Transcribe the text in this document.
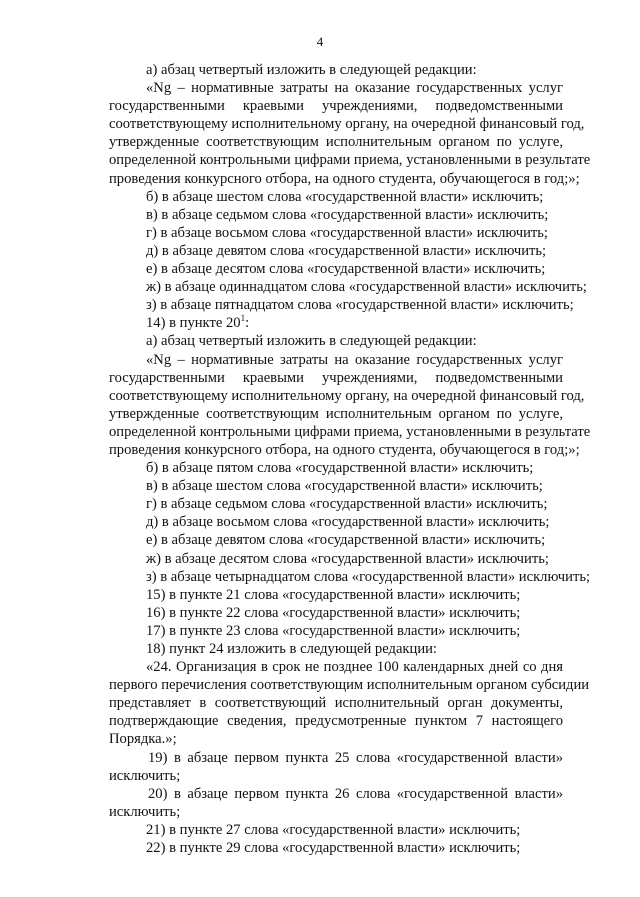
4
а) абзац четвертый изложить в следующей редакции:
«Ng – нормативные затраты на оказание государственных услуг
государственными краевыми учреждениями, подведомственными
соответствующему исполнительному органу, на очередной финансовый год,
утвержденные соответствующим исполнительным органом по услуге,
определенной контрольными цифрами приема, установленными в результате
проведения конкурсного отбора, на одного студента, обучающегося в год;»;
б) в абзаце шестом слова «государственной власти» исключить;
в) в абзаце седьмом слова «государственной власти» исключить;
г) в абзаце восьмом слова «государственной власти» исключить;
д) в абзаце девятом слова «государственной власти» исключить;
е) в абзаце десятом слова «государственной власти» исключить;
ж) в абзаце одиннадцатом слова «государственной власти» исключить;
з) в абзаце пятнадцатом слова «государственной власти» исключить;
14) в пункте $20^1$:
а) абзац четвертый изложить в следующей редакции:
«Ng – нормативные затраты на оказание государственных услуг
государственными краевыми учреждениями, подведомственными
соответствующему исполнительному органу, на очередной финансовый год,
утвержденные соответствующим исполнительным органом по услуге,
определенной контрольными цифрами приема, установленными в результате
проведения конкурсного отбора, на одного студента, обучающегося в год;»;
б) в абзаце пятом слова «государственной власти» исключить;
в) в абзаце шестом слова «государственной власти» исключить;
г) в абзаце седьмом слова «государственной власти» исключить;
д) в абзаце восьмом слова «государственной власти» исключить;
е) в абзаце девятом слова «государственной власти» исключить;
ж) в абзаце десятом слова «государственной власти» исключить;
з) в абзаце четырнадцатом слова «государственной власти» исключить;
15) в пункте 21 слова «государственной власти» исключить;
16) в пункте 22 слова «государственной власти» исключить;
17) в пункте 23 слова «государственной власти» исключить;
18) пункт 24 изложить в следующей редакции:
«24. Организация в срок не позднее 100 календарных дней со дня
первого перечисления соответствующим исполнительным органом субсидии
представляет в соответствующий исполнительный орган документы,
подтверждающие сведения, предусмотренные пунктом 7 настоящего
Порядка.»;
19) в абзаце первом пункта 25 слова «государственной власти»
исключить;
20) в абзаце первом пункта 26 слова «государственной власти»
исключить;
21) в пункте 27 слова «государственной власти» исключить;
22) в пункте 29 слова «государственной власти» исключить;
